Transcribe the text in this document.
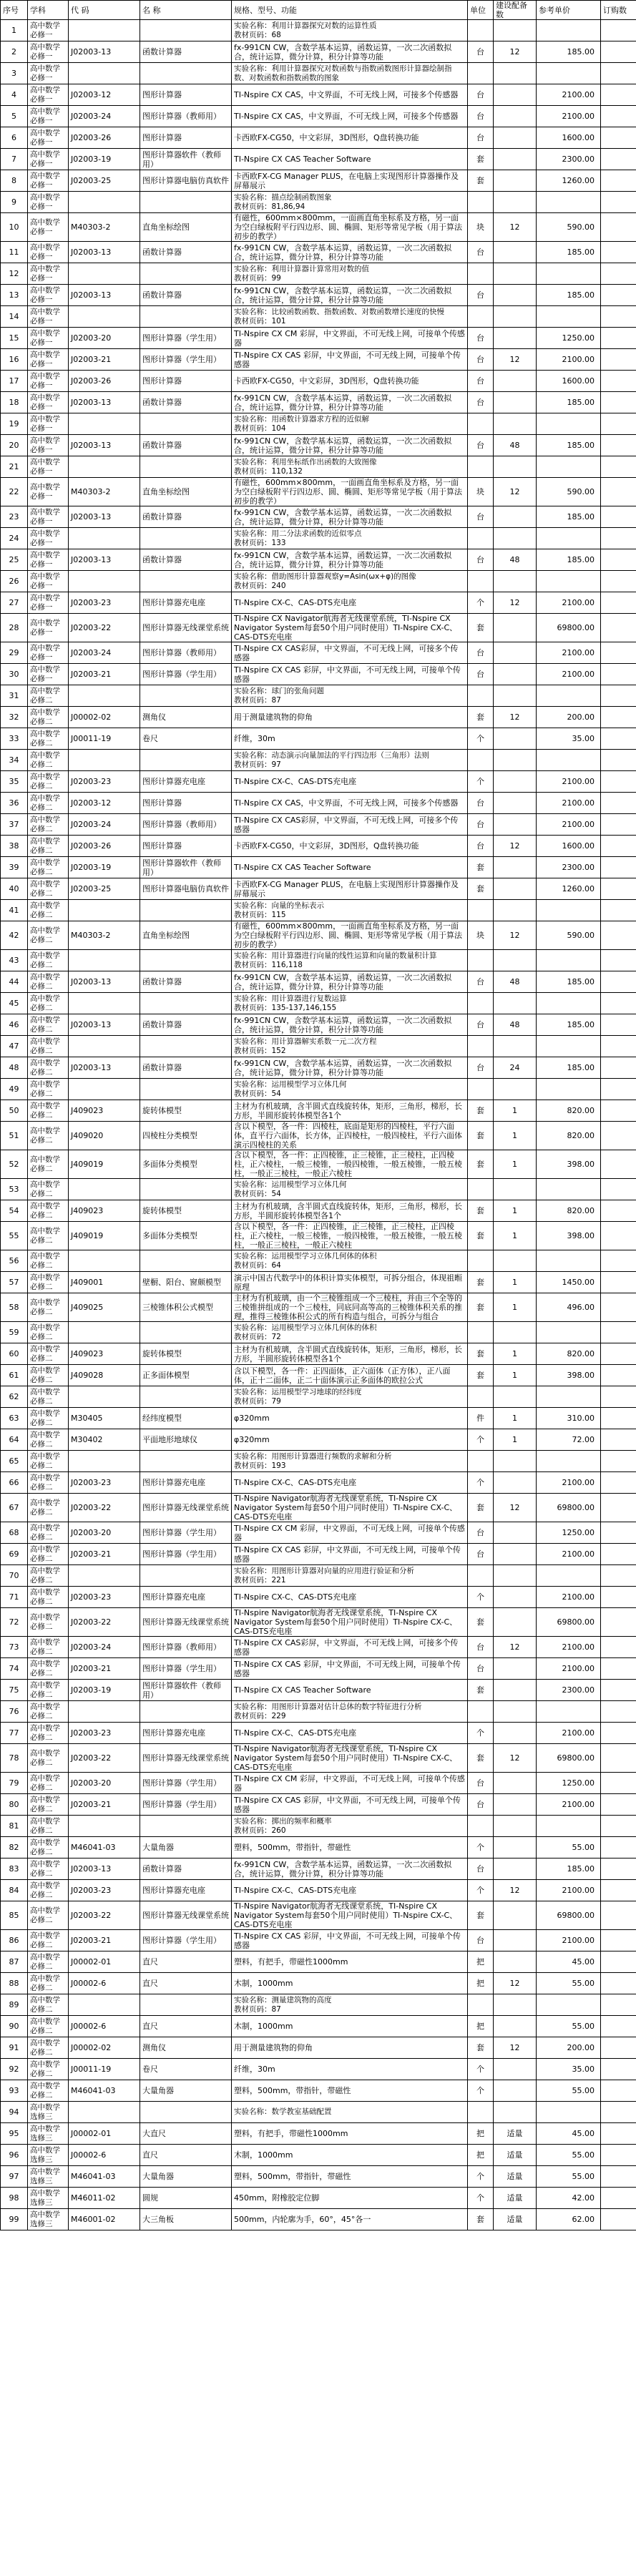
序号	学科	代 码	名 称	规格、型号、功能	单位	建设配备数	参考单价	订购数
1	高中数学必修一			实验名称：利用计算器探究对数的运算性质
教材页码：68				
2	高中数学必修一	J02003-13	函数计算器	fx-991CN CW，含数学基本运算，函数运算，一次二次函数拟合，统计运算，微分计算，积分计算等功能	台	12	185.00	
3	高中数学必修一			实验名称：利用计算器探究对数函数与指数函数图形计算器绘制指数、对数函数和指数函数的图象				
4	高中数学必修一	J02003-12	图形计算器	TI-Nspire CX CAS，中文界面，不可无线上网，可接多个传感器	台		2100.00	
5	高中数学必修一	J02003-24	图形计算器（教师用）	TI-Nspire CX CAS，中文界面，不可无线上网，可接多个传感器	台		2100.00	
6	高中数学必修一	J02003-26	图形计算器	卡西欧FX-CG50，中文彩屏，3D图形，Q盘转换功能	台		1600.00	
7	高中数学必修一	J02003-19	图形计算器软件（教师用）	TI-Nspire CX CAS Teacher Software	套		2300.00	
8	高中数学必修一	J02003-25	图形计算器电脑仿真软件	卡西欧FX-CG Manager PLUS，在电脑上实现图形计算器操作及屏幕展示	套		1260.00	
9	高中数学必修一			实验名称：描点绘制函数图象
教材页码：81,86,94				
10	高中数学必修一	M40303-2	直角坐标绘图	有磁性，600mm×800mm，一面画直角坐标系及方格，另一面为空白绿板附平行四边形、圆、椭圆、矩形等常见学板（用于算法初步的教学）	块	12	590.00	
11	高中数学必修一	J02003-13	函数计算器	fx-991CN CW，含数学基本运算，函数运算，一次二次函数拟合，统计运算，微分计算，积分计算等功能	台		185.00	
12	高中数学必修一			实验名称：利用计算器计算常用对数的值
教材页码：99				
13	高中数学必修一	J02003-13	函数计算器	fx-991CN CW，含数学基本运算，函数运算，一次二次函数拟合，统计运算，微分计算，积分计算等功能	台		185.00	
14	高中数学必修一			实验名称：比较函数函数、指数函数、对数函数增长速度的快慢
教材页码：101				
15	高中数学必修一	J02003-20	图形计算器（学生用）	TI-Nspire CX CM 彩屏，中文界面，不可无线上网，可接单个传感器	台		1250.00	
16	高中数学必修一	J02003-21	图形计算器（学生用）	TI-Nspire CX CAS 彩屏，中文界面，不可无线上网，可接单个传感器	台	12	2100.00	
17	高中数学必修一	J02003-26	图形计算器	卡西欧FX-CG50，中文彩屏，3D图形，Q盘转换功能	台		1600.00	
18	高中数学必修一	J02003-13	函数计算器	fx-991CN CW，含数学基本运算，函数运算，一次二次函数拟合，统计运算，微分计算，积分计算等功能	台		185.00	
19	高中数学必修一			实验名称：用函数计算器求方程的近似解
教材页码：104				
20	高中数学必修一	J02003-13	函数计算器	fx-991CN CW，含数学基本运算，函数运算，一次二次函数拟合，统计运算，微分计算，积分计算等功能	台	48	185.00	
21	高中数学必修一			实验名称：利用坐标纸作出函数的大致图像
教材页码：110,132				
22	高中数学必修一	M40303-2	直角坐标绘图	有磁性，600mm×800mm，一面画直角坐标系及方格，另一面为空白绿板附平行四边形、圆、椭圆、矩形等常见学板（用于算法初步的教学）	块	12	590.00	
23	高中数学必修一	J02003-13	函数计算器	fx-991CN CW，含数学基本运算，函数运算，一次二次函数拟合，统计运算，微分计算，积分计算等功能	台		185.00	
24	高中数学必修一			实验名称：用二分法求函数的近似零点
教材页码：133				
25	高中数学必修一	J02003-13	函数计算器	fx-991CN CW，含数学基本运算，函数运算，一次二次函数拟合，统计运算，微分计算，积分计算等功能	台	48	185.00	
26	高中数学必修一			实验名称：借助图形计算器观察y=Asin(ωx+φ)的图像
教材页码：240				
27	高中数学必修一	J02003-23	图形计算器充电座	TI-Nspire CX-C、CAS-DTS充电座	个	12	2100.00	
28	高中数学必修一	J02003-22	图形计算器无线课堂系统	TI-Nspire CX Navigator航海者无线课堂系统，TI-Nspire CX Navigator System每套50个用户同时使用）TI-Nspire CX-C、CAS-DTS充电座	套		69800.00	
29	高中数学必修一	J02003-24	图形计算器（教师用）	TI-Nspire CX CAS彩屏，中文界面，不可无线上网，可接多个传感器	台		2100.00	
30	高中数学必修一	J02003-21	图形计算器（学生用）	TI-Nspire CX CAS 彩屏，中文界面，不可无线上网，可接单个传感器	台		2100.00	
31	高中数学必修二			实验名称：球门的张角问题
教材页码：87				
32	高中数学必修二	J00002-02	测角仪	用于测量建筑物的仰角	套	12	200.00	
33	高中数学必修二	J00011-19	卷尺	纤维，30m	个		35.00	
34	高中数学必修二			实验名称：动态演示向量加法的平行四边形（三角形）法则
教材页码：97				
35	高中数学必修二	J02003-23	图形计算器充电座	TI-Nspire CX-C、CAS-DTS充电座	个		2100.00	
36	高中数学必修二	J02003-12	图形计算器	TI-Nspire CX CAS，中文界面，不可无线上网，可接多个传感器	台		2100.00	
37	高中数学必修二	J02003-24	图形计算器（教师用）	TI-Nspire CX CAS彩屏，中文界面，不可无线上网，可接多个传感器	台		2100.00	
38	高中数学必修二	J02003-26	图形计算器	卡西欧FX-CG50，中文彩屏，3D图形，Q盘转换功能	台	12	1600.00	
39	高中数学必修二	J02003-19	图形计算器软件（教师用）	TI-Nspire CX CAS Teacher Software	套		2300.00	
40	高中数学必修二	J02003-25	图形计算器电脑仿真软件	卡西欧FX-CG Manager PLUS，在电脑上实现图形计算器操作及屏幕展示	套		1260.00	
41	高中数学必修二			实验名称：向量的坐标表示
教材页码：115				
42	高中数学必修二	M40303-2	直角坐标绘图	有磁性，600mm×800mm，一面画直角坐标系及方格，另一面为空白绿板附平行四边形、圆、椭圆、矩形等常见学板（用于算法初步的教学）	块	12	590.00	
43	高中数学必修二			实验名称：用计算器进行向量的线性运算和向量的数量积计算
教材页码：116,118				
44	高中数学必修二	J02003-13	函数计算器	fx-991CN CW，含数学基本运算，函数运算，一次二次函数拟合，统计运算，微分计算，积分计算等功能	台	48	185.00	
45	高中数学必修二			实验名称：用计算器进行复数运算
教材页码：135-137,146,155				
46	高中数学必修二	J02003-13	函数计算器	fx-991CN CW，含数学基本运算，函数运算，一次二次函数拟合，统计运算，微分计算，积分计算等功能	台	48	185.00	
47	高中数学必修二			实验名称：用计算器解实系数一元二次方程
教材页码：152				
48	高中数学必修二	J02003-13	函数计算器	fx-991CN CW，含数学基本运算，函数运算，一次二次函数拟合，统计运算，微分计算，积分计算等功能	台	24	185.00	
49	高中数学必修二			实验名称：运用模型学习立体几何
教材页码：54				
50	高中数学必修二	J409023	旋转体模型	主材为有机玻璃，含半圆式直线旋转体，矩形，三角形，梯形，长方形，半圆形旋转体模型各1个	套	1	820.00	
51	高中数学必修二	J409020	四棱柱分类模型	含以下模型，各一件：四棱柱，底面是矩形的四棱柱，平行六面体，直平行六面体，长方体，正四棱柱，一般四棱柱，平行六面体演示四棱柱的关系	套	1	820.00	
52	高中数学必修二	J409019	多面体分类模型	含以下模型，各一件：正四棱锥，正三棱锥，正三棱柱，正四棱柱，正六棱柱，一般三棱锥，一般四棱锥，一般五棱锥，一般五棱柱，一般正三棱柱，一般正六棱柱	套	1	398.00	
53	高中数学必修二			实验名称：运用模型学习立体几何
教材页码：54				
54	高中数学必修二	J409023	旋转体模型	主材为有机玻璃，含半圆式直线旋转体，矩形，三角形，梯形，长方形，半圆形旋转体模型各1个	套	1	820.00	
55	高中数学必修二	J409019	多面体分类模型	含以下模型，各一件：正四棱锥，正三棱锥，正三棱柱，正四棱柱，正六棱柱，一般三棱锥，一般四棱锥，一般五棱锥，一般五棱柱，一般正三棱柱，一般正六棱柱	套	1	398.00	
56	高中数学必修二			实验名称：运用模型学习立体几何体的体积
教材页码：64				
57	高中数学必修二	J409001	壁橱、阳台、窗颇模型	演示中国古代数学中的体积计算实体模型，可拆分组合，体现祖暅原理	套	1	1450.00	
58	高中数学必修二	J409025	三棱锥体积公式模型	主材为有机玻璃，由一个三棱锥组成一个三棱柱，并由三个全等的三棱锥拼组成的一个三棱柱，同底同高等高的三棱锥体积关系的推理，推得三棱锥体积公式的所有构造与组合，可拆分与组合	套	1	496.00	
59	高中数学必修二			实验名称：运用模型学习立体几何体的体积
教材页码：72				
60	高中数学必修二	J409023	旋转体模型	主材为有机玻璃，含半圆式直线旋转体，矩形，三角形，梯形，长方形，半圆形旋转体模型各1个	套	1	820.00	
61	高中数学必修二	J409028	正多面体模型	含以下模型，各一件：正四面体，正六面体（正方体），正八面体，正十二面体，正二十面体演示正多面体的欧拉公式	套	1	398.00	
62	高中数学必修二			实验名称：运用模型学习地球的经纬度
教材页码：79				
63	高中数学必修二	M30405	经纬度模型	φ320mm	件	1	310.00	
64	高中数学必修二	M30402	平面地形地球仪	φ320mm	个	1	72.00	
65	高中数学必修二			实验名称：用图形计算器进行频数的求解和分析
教材页码：193				
66	高中数学必修二	J02003-23	图形计算器充电座	TI-Nspire CX-C、CAS-DTS充电座	个		2100.00	
67	高中数学必修二	J02003-22	图形计算器无线课堂系统	TI-Nspire Navigator航海者无线课堂系统，TI-Nspire CX Navigator System每套50个用户同时使用）TI-Nspire CX-C、CAS-DTS充电座	套	12	69800.00	
68	高中数学必修二	J02003-20	图形计算器（学生用）	TI-Nspire CX CM 彩屏，中文界面，不可无线上网，可接单个传感器	台		1250.00	
69	高中数学必修二	J02003-21	图形计算器（学生用）	TI-Nspire CX CAS 彩屏，中文界面，不可无线上网，可接单个传感器	台		2100.00	
70	高中数学必修二			实验名称：用图形计算器对向量的应用进行验证和分析
教材页码：221				
71	高中数学必修二	J02003-23	图形计算器充电座	TI-Nspire CX-C、CAS-DTS充电座	个		2100.00	
72	高中数学必修二	J02003-22	图形计算器无线课堂系统	TI-Nspire Navigator航海者无线课堂系统，TI-Nspire CX Navigator System每套50个用户同时使用）TI-Nspire CX-C、CAS-DTS充电座	套		69800.00	
73	高中数学必修二	J02003-24	图形计算器（教师用）	TI-Nspire CX CAS彩屏，中文界面，不可无线上网，可接多个传感器	台	12	2100.00	
74	高中数学必修二	J02003-21	图形计算器（学生用）	TI-Nspire CX CAS 彩屏，中文界面，不可无线上网，可接单个传感器	台		2100.00	
75	高中数学必修二	J02003-19	图形计算器软件（教师用）	TI-Nspire CX CAS Teacher Software	套		2300.00	
76	高中数学必修二			实验名称：用图形计算器对估计总体的数字特征进行分析
教材页码：229				
77	高中数学必修二	J02003-23	图形计算器充电座	TI-Nspire CX-C、CAS-DTS充电座	个		2100.00	
78	高中数学必修二	J02003-22	图形计算器无线课堂系统	TI-Nspire Navigator航海者无线课堂系统，TI-Nspire CX Navigator System每套50个用户同时使用）TI-Nspire CX-C、CAS-DTS充电座	套	12	69800.00	
79	高中数学必修二	J02003-20	图形计算器（学生用）	TI-Nspire CX CM 彩屏，中文界面，不可无线上网，可接单个传感器	台		1250.00	
80	高中数学必修二	J02003-21	图形计算器（学生用）	TI-Nspire CX CAS 彩屏，中文界面，不可无线上网，可接单个传感器	台		2100.00	
81	高中数学必修二			实验名称：掷出的频率和概率
教材页码：260				
82	高中数学必修二	M46041-03	大量角器	塑料，500mm，带指针，带磁性	个		55.00	
83	高中数学必修二	J02003-13	函数计算器	fx-991CN CW，含数学基本运算，函数运算，一次二次函数拟合，统计运算，微分计算，积分计算等功能	台		185.00	
84	高中数学必修二	J02003-23	图形计算器充电座	TI-Nspire CX-C、CAS-DTS充电座	个	12	2100.00	
85	高中数学必修二	J02003-22	图形计算器无线课堂系统	TI-Nspire Navigator航海者无线课堂系统，TI-Nspire CX Navigator System每套50个用户同时使用）TI-Nspire CX-C、CAS-DTS充电座	套		69800.00	
86	高中数学必修二	J02003-21	图形计算器（学生用）	TI-Nspire CX CAS 彩屏，中文界面，不可无线上网，可接单个传感器	台		2100.00	
87	高中数学必修二	J00002-01	直尺	塑料，有把手，带磁性1000mm	把		45.00	
88	高中数学必修二	J00002-6	直尺	木制，1000mm	把	12	55.00	
89	高中数学必修二			实验名称：测量建筑物的高度
教材页码：87				
90	高中数学必修二	J00002-6	直尺	木制，1000mm	把		55.00	
91	高中数学必修二	J00002-02	测角仪	用于测量建筑物的仰角	套	12	200.00	
92	高中数学必修二	J00011-19	卷尺	纤维，30m	个		35.00	
93	高中数学必修二	M46041-03	大量角器	塑料，500mm，带指针，带磁性	个		55.00	
94	高中数学选修三			实验名称：数学教室基础配置				
95	高中数学选修三	J00002-01	大直尺	塑料，有把手，带磁性1000mm	把	适量	45.00	
96	高中数学选修三	J00002-6	直尺	木制，1000mm	把	适量	55.00	
97	高中数学选修三	M46041-03	大量角器	塑料，500mm，带指针，带磁性	个	适量	55.00	
98	高中数学选修三	M46011-02	圆规	450mm，附橡胶定位脚	个	适量	42.00	
99	高中数学选修三	M46001-02	大三角板	500mm，内轮廓为手，60°，45°各一	套	适量	62.00	
